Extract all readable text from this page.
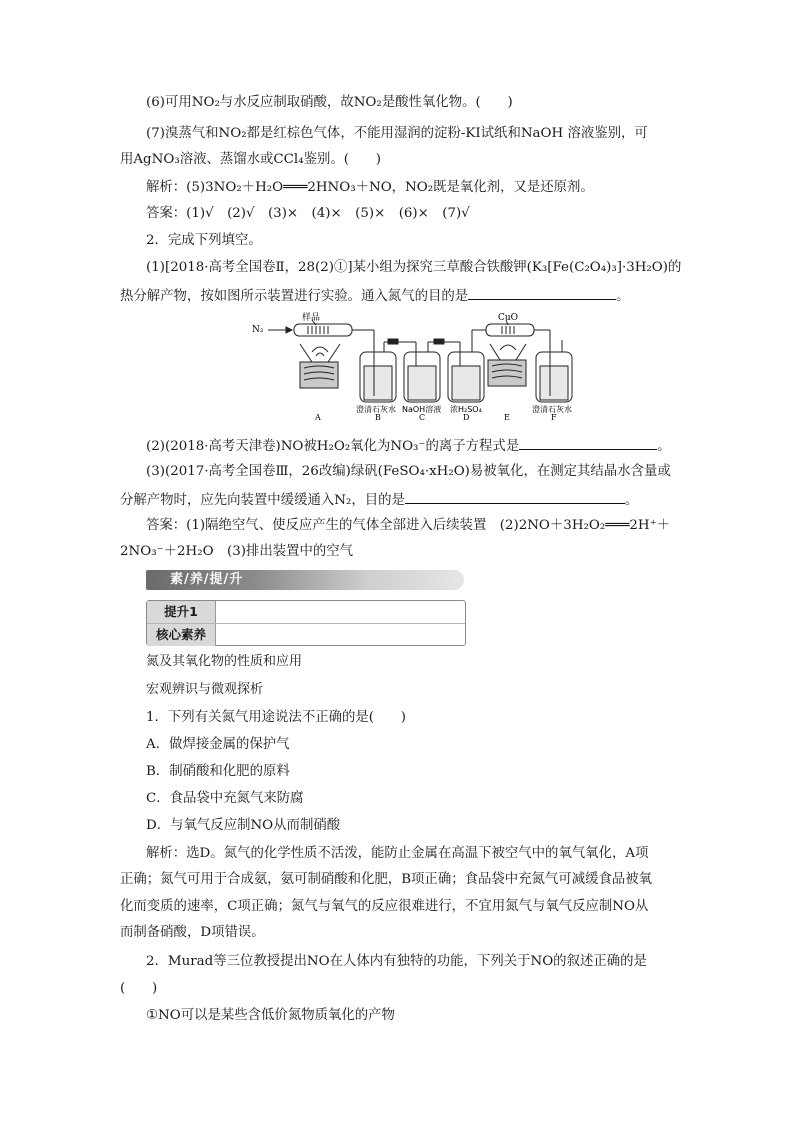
(6)可用NO₂与水反应制取硝酸，故NO₂是酸性氧化物。(　　)
(7)溴蒸气和NO₂都是红棕色气体，不能用湿润的淀粉-KI试纸和NaOH 溶液鉴别，可
用AgNO₃溶液、蒸馏水或CCl₄鉴别。(　　)
解析：(5)3NO₂＋H₂O═══2HNO₃＋NO，NO₂既是氧化剂，又是还原剂。
答案：(1)√　(2)√　(3)×　(4)×　(5)×　(6)×　(7)√
2．完成下列填空。
(1)[2018·高考全国卷Ⅱ，28(2)①]某小组为探究三草酸合铁酸钾(K₃[Fe(C₂O₄)₃]·3H₂O)的
热分解产物，按如图所示装置进行实验。通入氮气的目的是	。
N₂
样品	CuO
澄清石灰水 NaOH溶液 浓H₂SO₄	澄清石灰水
A	B	C	D	E	F
(2)(2018·高考天津卷)NO被H₂O₂氧化为NO₃⁻的离子方程式是	。
(3)(2017·高考全国卷Ⅲ，26改编)绿矾(FeSO₄·xH₂O)易被氧化，在测定其结晶水含量或
分解产物时，应先向装置中缓缓通入N₂，目的是	。
答案：(1)隔绝空气、使反应产生的气体全部进入后续装置　(2)2NO＋3H₂O₂═══2H⁺＋
2NO₃⁻＋2H₂O　(3)排出装置中的空气
素/养/提/升
提升1
核心素养
氮及其氧化物的性质和应用
宏观辨识与微观探析
1．下列有关氮气用途说法不正确的是(　　)
A．做焊接金属的保护气
B．制硝酸和化肥的原料
C．食品袋中充氮气来防腐
D．与氧气反应制NO从而制硝酸
解析：选D。氮气的化学性质不活泼，能防止金属在高温下被空气中的氧气氧化，A项
正确；氮气可用于合成氨，氨可制硝酸和化肥，B项正确；食品袋中充氮气可减缓食品被氧
化而变质的速率，C项正确；氮气与氧气的反应很难进行，不宜用氮气与氧气反应制NO从
而制备硝酸，D项错误。
2．Murad等三位教授提出NO在人体内有独特的功能，下列关于NO的叙述正确的是
(　　)
①NO可以是某些含低价氮物质氧化的产物
